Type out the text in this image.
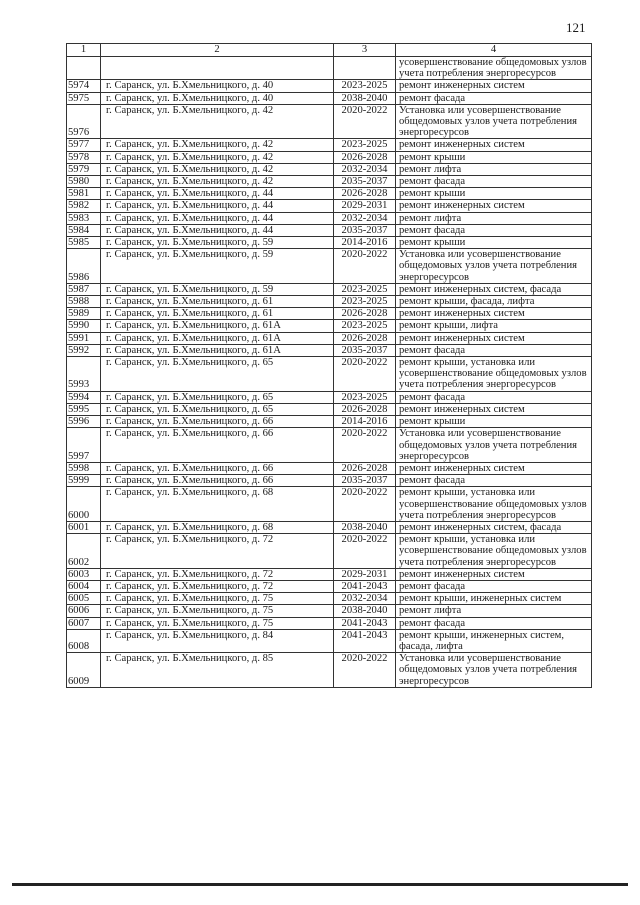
121
1	2	3	4
			усовершенствование общедомовых узлов учета потребления энергоресурсов
5974	г. Саранск, ул. Б.Хмельницкого, д. 40	2023-2025	ремонт инженерных систем
5975	г. Саранск, ул. Б.Хмельницкого, д. 40	2038-2040	ремонт фасада
5976	г. Саранск, ул. Б.Хмельницкого, д. 42	2020-2022	Установка или усовершенствование общедомовых узлов учета потребления энергоресурсов
5977	г. Саранск, ул. Б.Хмельницкого, д. 42	2023-2025	ремонт инженерных систем
5978	г. Саранск, ул. Б.Хмельницкого, д. 42	2026-2028	ремонт крыши
5979	г. Саранск, ул. Б.Хмельницкого, д. 42	2032-2034	ремонт лифта
5980	г. Саранск, ул. Б.Хмельницкого, д. 42	2035-2037	ремонт фасада
5981	г. Саранск, ул. Б.Хмельницкого, д. 44	2026-2028	ремонт крыши
5982	г. Саранск, ул. Б.Хмельницкого, д. 44	2029-2031	ремонт инженерных систем
5983	г. Саранск, ул. Б.Хмельницкого, д. 44	2032-2034	ремонт лифта
5984	г. Саранск, ул. Б.Хмельницкого, д. 44	2035-2037	ремонт фасада
5985	г. Саранск, ул. Б.Хмельницкого, д. 59	2014-2016	ремонт крыши
5986	г. Саранск, ул. Б.Хмельницкого, д. 59	2020-2022	Установка или усовершенствование общедомовых узлов учета потребления энергоресурсов
5987	г. Саранск, ул. Б.Хмельницкого, д. 59	2023-2025	ремонт инженерных систем, фасада
5988	г. Саранск, ул. Б.Хмельницкого, д. 61	2023-2025	ремонт крыши, фасада, лифта
5989	г. Саранск, ул. Б.Хмельницкого, д. 61	2026-2028	ремонт инженерных систем
5990	г. Саранск, ул. Б.Хмельницкого, д. 61А	2023-2025	ремонт крыши, лифта
5991	г. Саранск, ул. Б.Хмельницкого, д. 61А	2026-2028	ремонт инженерных систем
5992	г. Саранск, ул. Б.Хмельницкого, д. 61А	2035-2037	ремонт фасада
5993	г. Саранск, ул. Б.Хмельницкого, д. 65	2020-2022	ремонт крыши, установка или усовершенствование общедомовых узлов учета потребления энергоресурсов
5994	г. Саранск, ул. Б.Хмельницкого, д. 65	2023-2025	ремонт фасада
5995	г. Саранск, ул. Б.Хмельницкого, д. 65	2026-2028	ремонт инженерных систем
5996	г. Саранск, ул. Б.Хмельницкого, д. 66	2014-2016	ремонт крыши
5997	г. Саранск, ул. Б.Хмельницкого, д. 66	2020-2022	Установка или усовершенствование общедомовых узлов учета потребления энергоресурсов
5998	г. Саранск, ул. Б.Хмельницкого, д. 66	2026-2028	ремонт инженерных систем
5999	г. Саранск, ул. Б.Хмельницкого, д. 66	2035-2037	ремонт фасада
6000	г. Саранск, ул. Б.Хмельницкого, д. 68	2020-2022	ремонт крыши, установка или усовершенствование общедомовых узлов учета потребления энергоресурсов
6001	г. Саранск, ул. Б.Хмельницкого, д. 68	2038-2040	ремонт инженерных систем, фасада
6002	г. Саранск, ул. Б.Хмельницкого, д. 72	2020-2022	ремонт крыши, установка или усовершенствование общедомовых узлов учета потребления энергоресурсов
6003	г. Саранск, ул. Б.Хмельницкого, д. 72	2029-2031	ремонт инженерных систем
6004	г. Саранск, ул. Б.Хмельницкого, д. 72	2041-2043	ремонт фасада
6005	г. Саранск, ул. Б.Хмельницкого, д. 75	2032-2034	ремонт крыши, инженерных систем
6006	г. Саранск, ул. Б.Хмельницкого, д. 75	2038-2040	ремонт лифта
6007	г. Саранск, ул. Б.Хмельницкого, д. 75	2041-2043	ремонт фасада
6008	г. Саранск, ул. Б.Хмельницкого, д. 84	2041-2043	ремонт крыши, инженерных систем, фасада, лифта
6009	г. Саранск, ул. Б.Хмельницкого, д. 85	2020-2022	Установка или усовершенствование общедомовых узлов учета потребления энергоресурсов
